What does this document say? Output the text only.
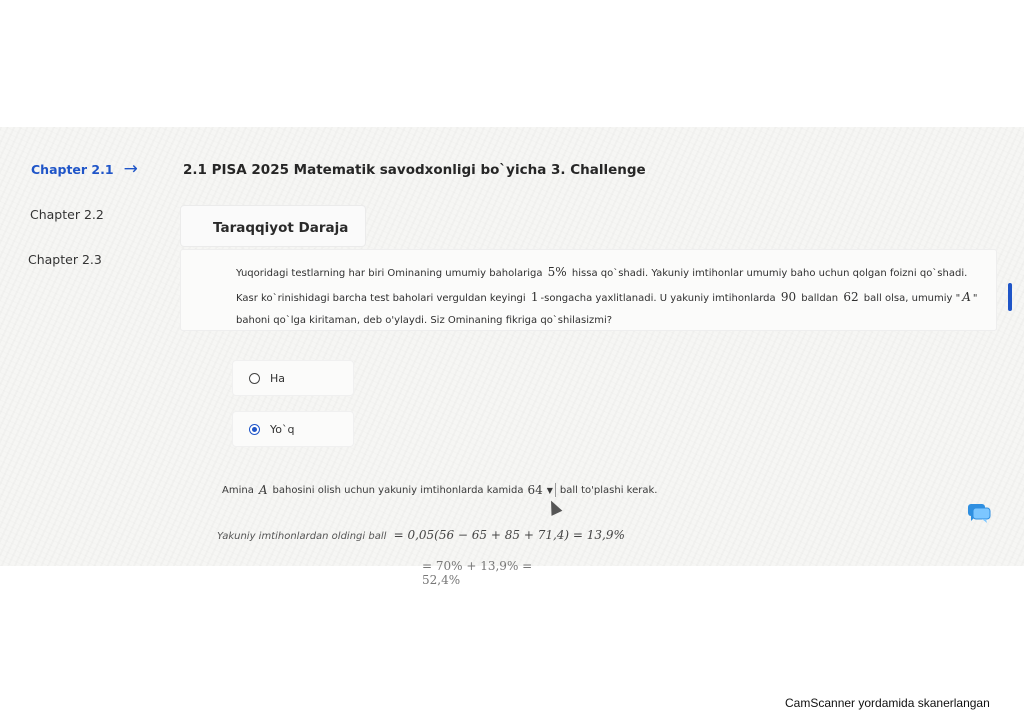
Chapter 2.1 →
Chapter 2.2
Chapter 2.3
2.1 PISA 2025 Matematik savodxonligi bo`yicha 3. Challenge
Taraqqiyot Daraja
Yuqoridagi testlarning har biri Ominaning umumiy baholariga 5% hissa qo`shadi. Yakuniy imtihonlar umumiy baho uchun qolgan foizni qo`shadi. Kasr ko`rinishidagi barcha test baholari verguldan keyingi 1 -songacha yaxlitlanadi. U yakuniy imtihonlarda 90 balldan 62 ball olsa, umumiy " A " bahoni qo`lga kiritaman, deb o'ylaydi. Siz Ominaning fikriga qo`shilasizmi?
Ha
Yo`q
Amina A bahosini olish uchun yakuniy imtihonlarda kamida 64 ▼ ball to'plashi kerak.
Yakuniy imtihonlardan oldingi ball = 0,05(56 − 65 + 85 + 71,4) = 13,9%
= 70% + 13,9% = 52,4%
CamScanner yordamida skanerlangan
